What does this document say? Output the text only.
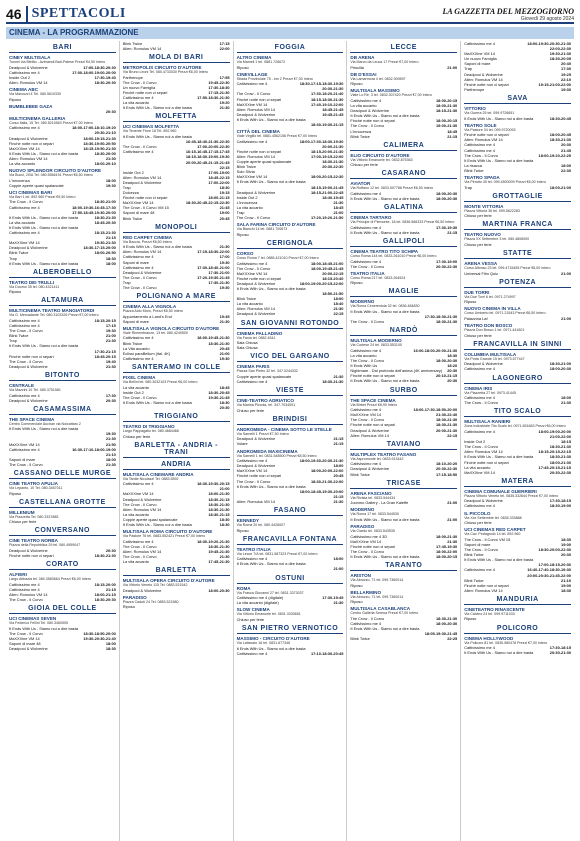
46 SPETTACOLI	LA GAZZETTA DEL MEZZOGIORNO
Giovedì 29 agosto 2024
CINEMA - LA PROGRAMMAZIONE
BARI
CINEY MULTISALA
Tunnel via Bitritto - Azimandi Bari-Palese Prezzi €4,50 Intero
Deadpool & Wolverine	17:00-18:30-20:30
Cattivissimo me 4	17:00-18:00-19:00-20:00
Inside Out 2	17:30-19:40
Alien: Romulus VM 14	18:30-20:30
CINEMA ABC
Via Marcuzzi 4 Tel. 080.5610330
Riposo
BUMBLEBEE GAZA
20:30
MULTICINEMA GALLERIA
Corso Italia, 15 Tel. 080.5214563 Prezzi €7,00 Intero
Cattivissimo me 4	18:00-17:00-18:10-19:20
20:30-21:10
Deadpool & Wolverine	18:00-19:15-21:30
Finché notte non ci separi	18:30-19:50-20:50
MaXXXine VM 14	18:15-19:50-21:30
It Ends With Us - Siamo noi a dire basta	18:30-20:00
Alien: Romulus VM 14	21:30
La vita accanto	18:00-20:10
NUOVO SPLENDOR CIRCUITO D'AUTORE
Via Bucci, 20/A Tel. 080.5566191 Prezzi €6,50 Intero
L'innocenza	18:00
Coppie aperte quasi spalancate	19:30
UCI CINEMAS BARI
Via Bari 1 tel. 892.960 Prezzi €9,50 Intero
The Crow - Il Corvo	18:30-21:00
Cattivissimo me 4	18:00-19:30-16:45-17:30
17:50-18:45-19:30-20:00
It Ends With Us - Siamo noi a dire basta	18:30-21:30
La vita accanto	18:45-20:30
It Ends With Us - Siamo noi a dire basta
Cattivissimo me 4	18:15-21:30
21:15
MaXXXine VM 14	19:30-21:30
Deadpool & Wolverine	18:30-17:15-20:00
Blink Twice	18:00-20:50
Trap	18:30
It Ends With Us - Siamo noi a dire basta	18:00
ALBEROBELLO
TEATRO DEI TRULLI
Via Duomo 35 tel. 080.4321411
Riposo
ALTAMURA
MULTICINEMA TEATRO MANGIATORDI
Via G. Mercadante Tel. 080.3103326 Prezzi €7,00 Intero
Cattivissimo me 4	18:15-20:15
Cattivissimo me 4	17:15
The Crow - Il Corvo	19:30
Blink Twice	21:00
Trap	21:30
It Ends With Us - Siamo noi a dire basta
17:30-21:15
Finché notte non ci separi	18:45-20:15
The Crow - Il Corvo	19:40
Deadpool & Wolverine	21:30
BITONTO
CENTRALE
Via Mazzini 10 Tel. 080.3751581
Cattivissimo me 4	17:30
Deadpool & Wolverine	20:30
CASAMASSIMA
THE SPACE CINEMA
Centro Commerciale Auchan via Noicattaro 2
It Ends With Us - Siamo noi a dire basta
19:30
21:30
MaXXXine VM 14	21:50
Cattivissimo me 4	16:30-17:10-18:00-19:00
21:10
Saponi di mare	18:00
The Crow - Il Corvo	21:30
CASSANO DELLE MURGE
CINE TEATRO APULIA
Via Lepanto, 10 Tel. 080.3467011
Riposo
CASTELLANA GROTTE
MILLENIUM
Via Piazzetta Tel. 080.3337885
Chiuso per ferie
CONVERSANO
CINE TEATRO NORBA
Piazza della Repubblica 29 tel. 080.4959047
Deadpool & Wolverine	20:30
Finché notte non ci separi	18:30-21:30
CORATO
ALFIERI
Largo Abbazia tel. 080.3583664 Prezzi €6,00 Intero
Cattivissimo me 4	18:15-20:00
Cattivissimo me 4	21:15
Alien: Romulus VM 14	18:00-21:15
The Crow - Il Corvo	18:30-20:30
GIOIA DEL COLLE
UCI CINEMAS SEVEN
Via Federico Fellini Tel. 080.3460505
It Ends With Us - Siamo noi a dire basta
The Crow - Il Corvo	18:30-18:50-20:00
MaXXXine VM 14	19:30-20:30-21:40
Saponi di mare 48	18:00
Deadpool & Wolverine	18:30
Blink Twice	17:15
Alien: Romulus VM 14	22:00
MOLA DI BARI
METROPOLIS CIRCUITO D'AUTORE
Via Bruno Leoni Tel. 080.4733030 Prezzi €6,00 Intero
Parthenope	17:55
The Crow - Il Corvo	19:45-22:30
Un nuovo Famiglia	17:30-18:30
Finché notte non ci separi	17:15-21:30
Cattivissimo me 4	17:50-18:30-21:30
La vita accanto	19:20
It Ends With Us - Siamo noi a dire basta	21:30
MOLFETTA
UCI CINEMAS MOLFETTA
Via Tenente Fiore 18 Tel. 892.960
It Ends With Us - Siamo noi a dire basta
16:45-18:40-21:30-22:30
The Crow - Il Corvo	17:00-20:00-22:30
Cattivissimo me 4	16:15-16:45-17:15-17:45
18:15-18:30-19:00-19:30
20:00-20:45-21:15-21:45
22:15
Inside Out 2	17:00-19:00
Alien: Romulus VM 14	18:45-22:15
Deadpool & Wolverine	17:00-22:00
Trap	18:30
Dolcezza	19:15
Finché notte non ci separi	18:00-21:15
MaXXXine VM 14	18:30-20:45-22:15-22:30
The Crow - Il Corvo VM 15	21:45
Saponi di mare 48	19:00
Blink Twice	20:45
MONOPOLI
RED CARPET CINEMA
Via Baccia, Prezzi €6,50 Intero
It Ends With Us - Siamo noi a dire basta	21:30
Alien: Romulus VM 14	17:15-18:30-22:00
Cattivissimo me 4	17:00
Saponi di mare	19:30
Cattivissimo me 4	17:30-18:40-21:00
Deadpool & Wolverine	17:30-21:00
The Crow - Il Corvo	17:20-19:30-21:45
Trap	17:30-21:30
The Crow - Il Corvo	19:30
POLIGNANO A MARE
CINEMA ALLA VIGNOLA
Piazza Aldo Moro, Prezzi €6,50 Intero
Appuntamento a Land's End	19:45
Saponi di mare	21:30
MULTISALA VIGNOLA CIRCUITO D'AUTORE
Viale Rimembranze, 13 tel. 080.4249500
Cattivissimo me 4	18:00-19:45-21:30
Blink Twice	18:30-21:30
La Vita accanto	20:45
Eclissi paraBellum (ital. 4K)	21:00
Cattivissimo me 4	19:30
SANTERAMO IN COLLE
PIXEL CINEMA
Via Bellini tel. 080.3032103 Prezzi €6,00 Intero
La vita accanto	18:45
Inside Out 2	18:30-20:45
The Crow - Il Corvo	19:30-21:45
It Ends With Us - Siamo noi a dire basta	18:30
20:30
TRIGGIANO
TEATRO DI TRIGGIANO
Largo Pappagallo tel. 080.4684466
Chiuso per ferie
BARLETTA - ANDRIA - TRANI
ANDRIA
MULTISALA CINEMARE ANDRIA
Via Tardie Nicolazzi Tel. 0883.5592
Cattivissimo me 4	18:30-19:30-20:15
21:00
MaXXXine VM 14	18:00-21:30
Deadpool & Wolverine	18:30-21:15
The Crow - Il Corvo	18:30-21:30
Alien: Romulus VM 14	18:30-21:30
La vita accanto	18:30-21:15
Coppie aperte quasi spalancate	18:30
It Ends With Us - Siamo noi a dire basta	18:30
MULTISALA ROMA CIRCUITO D'AUTORE
Via Pastore 76 tel. 0883.552421 Prezzi €7,00 Intero
Cattivissimo me 4	18:30-19:20-21:30
The Crow - Il Corvo	18:30-21:30
Alien: Romulus VM 14	19:45-21:30
The Crow - Il Corvo	21:30
La vita accanto	17:45-21:30
BARLETTA
MULTISALA OPERA CIRCUITO D'AUTORE
Via Vittorio Veneto 115 Tel. 0883.521542
Deadpool & Wolverine	18:00-20:30
PARADISO
Piazza Caduti 24 Tel. 0883.521580
Riposo
FOGGIA
ALTRO CINEMA
Via Mameli 1 tel. 0881.726672
Riposo
CINEVILLAGE
Strada Provinciale 75 - km 2 Prezzi €7,00 Intero
Cattivissimo me 4	18:30-17:15-18:30-19:30
20:30-21:30
The Crow - Il Corvo	17:30-18:20-21:40
Finché notte non ci separi	18:15-18:30-21:30
MaXXXine VM 14	17:40-19:10-22:00
Alien: Romulus VM 14	18:45-21:45
Deadpool & Wolverine	19:45-21:45
It Ends With Us - Siamo noi a dire basta
18:30-19:30-21:15
CITTÀ DEL CINEMA
Viale Virgilio tel. 0881.4562156 Prezzi €7,00 Intero
Cattivissimo me 4	18:00-17:30-18:30-19:30
20:00-21:30
Finché notte non ci separi	18:15-20:00-21:30
Alien: Romulus VM 14	17:00-19:15-22:00
Coppie aperte quasi spalancate	18:30-21:30
Blink Twice	20:30-22:30
Solo Silvia
MaXXXine VM 14	18:00-20:15-22:30
It Ends With Us - Siamo noi a dire basta
18:15-19:00-21:45
Deadpool & Wolverine	18:15-21:00-22:45
Inside Out 2	18:40-19:45
L'innocenza	21:30
La vita accanto	18:45
Trap	21:00
The Crow - Il Corvo	17:20-19:20-21:50
SALA FARINA CIRCUITO D'AUTORE
Via Bianchi 14 tel. 0881.700673
Riposo
CERIGNOLA
CORSO
Corso Roma 7 tel. 0885.421010 Prezzi €7,00 Intero
Cattivissimo me 4	18:00-18:45-21:00
The Crow - Il Corvo	18:00-19:45-21:45
MaXXXine VM 14	20:00-22:15
Finché notte non ci separi	18:15-20:40
Deadpool & Wolverine	18:00-19:00-20:15-22:00
It Ends With Us - Siamo noi a dire basta
18:50-21:50
Blink Twice	18:00
La vita accanto	18:40
Alien: Romulus VM 14	21:30
Deadpool & Wolverine	22:15
SAN GIOVANNI ROTONDO
CINEMA PALLADINO
Via Fania tel. 0882.4541
Sala Chiusa
Sala Chiusa
VICO DEL GARGANO
CINEMA PARIS
Piazza San Pietro 32 tel. 347.0244332
Coppie aperte quasi spalancate	21:30
Cattivissimo me 4	18:30-21:30
VIESTE
CINE-TEATRO ADRIATICO
Via Marina Piccola, tel. 347.7034051
Chiuso per ferie
BRINDISI
ANDROMEDA - CINEMA SOTTO LE STELLE
Via Sarnelli 1 Prezzi €7,50 Intero
Deadpool & Wolverine	21:15
Volare	21:15
ANDROMEDA MAXICINEMA
Via Sarnelli 1 tel. 0831.548500 Prezzi €8,50 Intero
Cattivissimo me 4	18:00-19:30-20:30-21:30
Deadpool & Wolverine	18:00
MaXXXine VM 14	18:00-20:00-22:00
Finché notte non ci separi	20:45
The Crow - Il Corvo	18:30-21:30-22:00
It Ends With Us - Siamo noi a dire basta
18:00-18:45-19:30-20:00
21:15
Alien: Romulus VM 14	21:30
FASANO
KENNEDY
Via Roma 20 tel. 080.4426007
Riposo
FRANCAVILLA FONTANA
TEATRO ITALIA
Via Lecce 7/A tel. 0831.587323 Prezzi €7,00 Intero
Cattivissimo me 4	18:00
It Ends With Us - Siamo noi a dire basta
21:00
OSTUNI
ROMA
Via Frasca Giovanni 27 tel. 0831.3373037
Cattivissimo me 4 (digitale)	17:30-19:45
La vita accanto (digitale)	21:30
SLOW CINEMA
Via Vittorio Emanuele tel. 0831.3330651
Chiuso per ferie
SAN PIETRO VERNOTICO
MASSIMO - CIRCUITO D'AUTORE
Via Lattanzio 16 tel. 0831.677346
It Ends With Us - Siamo noi a dire basta
Cattivissimo me 4	17:10-18:30-20:45
LECCE
DB ARENA
Via Marco da Leuca 17 Prezzi €7,00 Intero
Priscilla	21:00
DB D'ESSAI
Via Lamarmora 4 tel. 0832.309597
Riposo
MULTISALA MASSIMO
Viale Lo Re, 3 tel. 0832.307420 Prezzi €7,00 Intero
Cattivissimo me 4	18:00-20:15
La vita accanto	18:00-21:30
Deadpool & Wolverine	18:15-21:30
It Ends With Us - Siamo noi a dire basta
Finché notte non ci separi	18:00-20:15
The Crow - Il Corvo	19:00-21:30
L'innocenza	18:45
Blink Twice	21:15
CALIMERA
ELIO CIRCUITO D'AUTORE
Via Vittorio Emanuele tel. 0832.875363
Chiuso per ferie
CASARANO
AVIATOR
Via Ruffano 12 tel. 0833.507788 Prezzi €6,50 Intero
Cattivissimo me 4	18:00-20:30
It Ends With Us - Siamo noi a dire basta	18:00-20:30
GALATINA
CINEMA TARTARO
Via Principe di Piemonte, 18 tel. 0836.566333 Prezzi €6,50 Intero
Cattivissimo me 4	17:30-19:30
It Ends With Us - Siamo noi a dire basta	21:15
GALLIPOLI
CINEMA TEATRO TITO SCHIPA
Corso Roma 144 tel. 0833.261010 Prezzi €6,00 Intero
Cattivissimo me 4	17:30-19:00
The Crow - Il Corvo	20:30-22:30
TEATRO ITALIA
Corso Roma 217 tel. 0833.264524
Riposo
MAGLIE
MODERNO
Via Roma Cenerentola 32 tel. 0836.484830
It Ends With Us - Siamo noi a dire basta
17:30-18:30-21:30
The Crow - Il Corvo	18:30-21:30
NARDÒ
MULTISALA MODERNO
Via Cortese 24 tel. 0833.553100
Cattivissimo me 4	16:00-18:00-20:00-21:30
La vita accanto	18:30
The Crow - Il Corvo	18:00-20:30
It Ends With Us	18:20
Nightmare - Dal profondo dell'anima (4K anniversary) 20:30
Finché notte non ci separi	20:10-21:15
It Ends With Us - Siamo noi a dire basta	20:30
SURBO
THE SPACE CINEMA
Via Birbet Prezzi €8,90 Intero
Cattivissimo me 4	18:00-17:30-18:50-20:00
MaXXXine VM 14	21:30-22:40
The Crow - Il Corvo	18:30-21:30
Finché notte non ci separi	18:30-21:30
Deadpool & Wolverine	20:00-21:30
Alien: Romulus VM 14	22:15
TAVIANO
MULTIPLEX TEATRO FASANO
Via Aspromonte tel. 0833.913442
Cattivissimo me 4	18:10-20:20
Deadpool & Wolverine	20:30-22:30
Blink Twice	17:15-18:50
TRICASE
ARENA FASCIANO
Via Rivista tel. 0833.544434
Joonmo Gallery - La Gran Kaleffe	21:00
MODERNO
Via Roma 17 tel. 0833.544530
It Ends With Us - Siamo noi a dire basta	21:00
PARADISO
Via Ciardo tel. 0833.543535
Cattivissimo me 4 3D	18:00-21:30
MaXXXine VM 14	21:30
Finché notte non ci separi	17:45-19:30
The Crow - Il Corvo	18:00-22:00
It Ends With Us - Siamo noi a dire basta	18:00-20:15
TARANTO
ARISTON
Via Abruzzo, 71 tel. 099.7360014
Riposo
BELLARMINO
Via Abruzzo, 71 tel. 099.7360014
Riposo
MULTISALA CASABLANCA
Centro Galleria Serena Prezzi €7,00 Intero
The Crow - Il Corvo	18:30-21:30
Cattivissimo me 4	18:00-20:30
It Ends With Us - Siamo noi a dire basta
18:05-19:30-21:45
Blink Twice	22:25
Cattivissimo me 4	18:00-19:30-20:30-21:30
22:00-22:30
MaXXXine VM 14	19:30-21:30
Un nuovo Famiglia	18:30-20:05
Saponi di mare	20:40
Trap	17:30
Deadpool & Wolverine	19:25
Alien: Romulus VM 14	22:10
Finché notte non ci separi	19:15-21:00-22:00
Parthenope	19:30
SAVA
VITTORIO
Via Guerra 25 tel. 099.9726651
It Ends With Us - Siamo noi a dire basta	18:30-20:45
TEATRO SOLE
Via Pastore 34 tel. 099.9720093
Finché notte non ci separi	18:00-20:45
Alien: Romulus VM 14	18:30-21:30
Cattivissimo me 4	20:30
Cattivissimo me 4	21:45
The Crow - Il Corvo	18:00-19:20-22:25
It Ends With Us - Siamo noi a dire basta
La risacca	18:00
Blink Twice	22:30
TEATRO SPADA
Via Pirrotto 30 tel. 099.4500009 Prezzi €6,00 Intero
Trap	18:00-21:00
GROTTAGLIE
MONTE VITTORIA
Piazza Vittoria 36 tel. 099.5622283
Chiuso per ferie
MARTINA FRANCA
TEATRO NUOVO
Piazza XX Settembre 3 tel. 080.4806000
Chiuso per ferie
STATTE
ARENA VESSA
Corso Alfonso 23 tel. 099.4715455 Prezzi €5,00 Intero
Universal Film Quiz	21:00
POTENZA
DUE TORRI
Via Due Torri 6 tel. 0971.274997
Riposo
NUOVO CINEMA IN VILLA
Corso Umberto tel. 0971.21543 Prezzi €6,50 Intero
Palazzina Laf	21:00
TEATRO DON BOSCO
Piazza Don Bosco 1 tel. 0971.441601
Chiuso per ferie
FRANCAVILLA IN SINNI
COLUMBIA MULTISALA
Via Porta Grande 15 tel. 0973.577447
Deadpool & Wolverine	18:30-21:00
Cattivissimo me 4	18:00-20:30
LAGONEGRO
CINEMA IRIS
Via Piazzetta 27 tel. 0973.41445
Cattivissimo me 4	18:00
The Crow - Il Corvo	21:30
TITO SCALO
MULTISALA RANIERI
Zona Industriale Tito Scalo tel. 0971.651663 Prezzi €6,00 Intero
Cattivissimo me 4	18:00-19:00-20:00
21:00-22:00
Inside Out 2	18:15
The Crow - Il Corvo	18:30-21:30
Alien: Romulus VM 14	18:15-20:15-22:15
It Ends With Us - Siamo noi a dire basta	18:30-21:30
Finché notte non ci separi	18:00-21:30
La vita accanto	17:45-20:15-21:15
MaXXXine VM 14	20:30-22:30
MATERA
CINEMA COMUNALE GUERRIERI
Piazza Vittorio Veneto tel. 0835.332644 Prezzi €7,00 Intero
Deadpool & Wolverine	17:30-18:15
Cattivissimo me 4	18:30-19:00
IL PICCOLO
Via Xxx Settembre tel. 0835.333888
Chiuso per ferie
UCI CINEMAS RED CARPET
Via Cav. Pedagnolo 14 tel. 892.960
The Crow - Il Corvo VM 15	18:30
Saponi di mare	19:00
The Crow - Il Corvo	18:30-20:00-22:30
Blink Twice	20:30
It Ends With Us - Siamo noi a dire basta
17:00-18:15-20:30
Cattivissimo me 4	16:40-17:40-18:30-19:30
20:00-20:30-21:45-22:00
Blink Twice	21:10
Finché notte non ci separi	19:00
Alien: Romulus VM 14	18:30
MANDURIA
CINETEATRO RINASCENTE
Via Calvino 24 tel. 099.9711033
Riposo
POLICORO
CINEMA HOLLYWOOD
Via Policoro 81 tel. 0835.980478 Prezzi €7,00 Intero
Cattivissimo me 4	17:30-18:15
It Ends With Us - Siamo noi a dire basta	20:30-21:30
